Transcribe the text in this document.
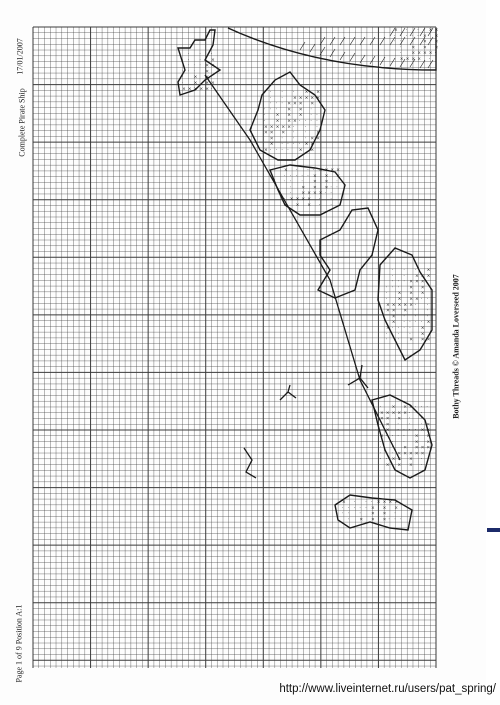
· · ·
· · ×
· · · × ×
· · · ×
· × ×
· × × ×
× × × × × ·
· · · × ×
· · × × × × ×
· · · × × × ×
· · · × × ·
· × × × · ·
· × × × · · · ·
× × × × × · · ·
× × × · · ×
× · · · × ×
× · · · · × ×
× · · · · × ×
× · · · × × × ×
· · · · · × × ×
· · · × × ·
· × × × · ·
· × × × × · ·
· × × × × · ·
× × × · ·
· · · ×
· · × × ×
· · · × × ×
· · · × ×
· × × ×
· × × × · ·
× × × × × · ·
× × × · ·
× · · ·
× · · · · ×
× · · · · ×
· · · ×
· · × × ×
· × × × · · ·
× × × × × · ·
× × × · ·
× · · · ×
× · · · · × ×
× · · · · × ×
· · · × ×
· · × × × ×
· · × × × × ×
· · × × × ·
× × × ·
× · · · × × × ×
· · · · · × × ×
· · · × × ·
· × × × · · ·
× · · · × ×
· · · · · × ×
· · · × ×
· × × ×
· × × × × ·
· × × × × ·
17/01/2007
Complete Pirate Ship
Page 1 of 9 Position A:1
Bothy Threads © Amanda Loverseed 2007
http://www.liveinternet.ru/users/pat_spring/
